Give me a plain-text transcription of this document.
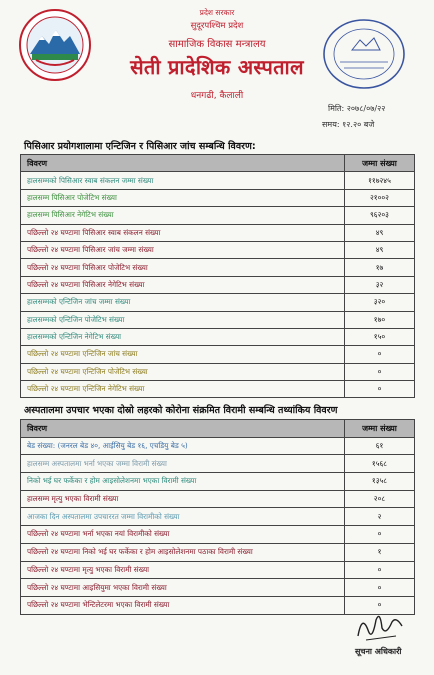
प्रदेश सरकार
सुदूरपश्चिम प्रदेश
सामाजिक विकास मन्त्रालय
सेती प्रादेशिक अस्पताल
धनगढी, कैलाली
मिति: २०७८/०७/२२
समय: १२.२० बजे
पिसिआर प्रयोगशालामा एन्टिजिन र पिसिआर जांच सम्बन्धि विवरण:
विवरण	जम्मा संख्या
हालसम्मको पिसिआर स्वाब संकलन जम्मा संख्या	११७२४५
हालसम्म पिसिआर पोजेटिभ संख्या	२१००२
हालसम्म पिसिआर नेगेटिभ संख्या	९६२०३
पछिल्लो २४ घण्टामा पिसिआर स्वाब संकलन संख्या	४९
पछिल्लो २४ घण्टामा पिसिआर जांच जम्मा संख्या	४९
पछिल्लो २४ घण्टामा पिसिआर पोजेटिभ संख्या	१७
पछिल्लो २४ घण्टामा पिसिआर नेगेटिभ संख्या	३२
हालसम्मको एन्टिजिन जांच जम्मा संख्या	३२०
हालसम्मको एन्टिजिन पोजेटिभ संख्या	१७०
हालसम्मको एन्टिजिन नेगेटिभ संख्या	१५०
पछिल्लो २४ घण्टामा एन्टिजिन जांच संख्या	०
पछिल्लो २४ घण्टामा एन्टिजिन पोजेटिभ संख्या	०
पछिल्लो २४ घण्टामा एन्टिजिन नेगेटिभ संख्या	०
अस्पतालमा उपचार भएका दोस्रो लहरको कोरोना संक्रमित विरामी सम्बन्धि तथ्यांकिय विवरण
विवरण	जम्मा संख्या
बेड संख्या: (जनरल बेड ४०, आईसियु बेड १६, एचडियु बेड ५)	६१
हालसम्म अस्पतालमा भर्ना भएका जम्मा विरामी संख्या	१५६८
निको भई घर फर्केका र होम आइसोलेशनमा भएका विरामी संख्या	१३५८
हालसम्म मृत्यु भएका विरामी संख्या	२०८
आजका दिन अस्पतालमा उपचाररत जम्मा विरामीको संख्या	२
पछिल्लो २४ घण्टामा भर्ना भएका नयां विरामीको संख्या	०
पछिल्लो २४ घण्टामा निको भई घर फर्केका र होम आइसोलेशनमा पठाका विरामी संख्या	१
पछिल्लो २४ घण्टामा मृत्यु भएका विरामी संख्या	०
पछिल्लो २४ घण्टामा आइसियुमा भएका विरामी संख्या	०
पछिल्लो २४ घण्टामा भेन्टिलेटरमा भएका विरामी संख्या	०
सूचना अधिकारी
